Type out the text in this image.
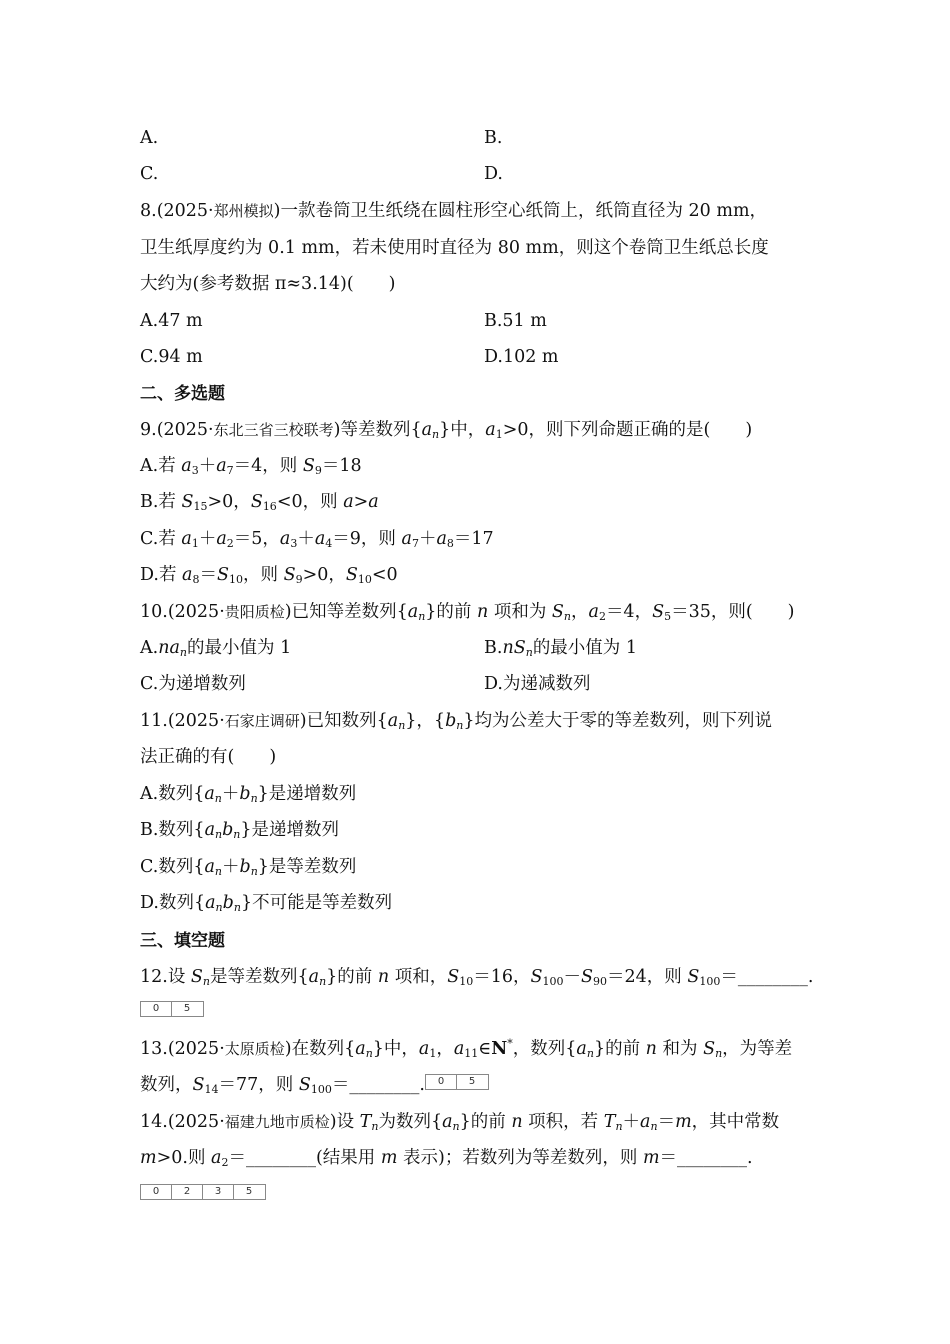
A.	B.
C.	D.
8.(2025·郑州模拟)一款卷筒卫生纸绕在圆柱形空心纸筒上，纸筒直径为 20 mm，
卫生纸厚度约为 0.1 mm，若未使用时直径为 80 mm，则这个卷筒卫生纸总长度
大约为(参考数据 π≈3.14)(　　)
A.47 m	B.51 m
C.94 m	D.102 m
二、多选题
9.(2025·东北三省三校联考)等差数列$\{a_n\}$中，$a_1>0$，则下列命题正确的是(　　)
A.若 $a_3+a_7=4$，则 $S_9=18$
B.若 $S_{15}>0$，$S_{16}<0$，则 a>a
C.若 $a_1+a_2=5$，$a_3+a_4=9$，则 $a_7+a_8=17$
D.若 $a_8=S_{10}$，则 $S_9>0$，$S_{10}<0$
10.(2025·贵阳质检)已知等差数列$\{a_n\}$的前 n 项和为 $S_n$，$a_2=4$，$S_5=35$，则(　　)
$A.na_n$的最小值为 1	$B.nS_n$的最小值为 1
C.为递增数列	D.为递减数列
11.(2025·石家庄调研)已知数列$\{a_n\}$，$\{b_n\}$均为公差大于零的等差数列，则下列说
法正确的有(　　)
A.数列$\{a_n+b_n\}$是递增数列
B.数列$\{a_nb_n\}$是递增数列
C.数列$\{a_n+b_n\}$是等差数列
D.数列$\{a_nb_n\}$不可能是等差数列
三、填空题
12.设 $S_n$是等差数列$\{a_n\}$的前 n 项和，$S_{10}=16$，$S_{100}-S_{90}=24$，则 $S_{100}=\_\_\_\_\_\_\_\_$.
0	5
13.(2025·太原质检)在数列$\{a_n\}$中，$a_1$，$a_{11}\in N^*$，数列$\{a_n\}$的前 n 和为 $S_n$，为等差
数列，$S_{14}=77$，则 $S_{100}=\_\_\_\_\_\_\_\_$.	0	5
14.(2025·福建九地市质检)设 $T_n$为数列$\{a_n\}$的前 n 项积，若 $T_n+a_n=m$，其中常数
m>0.则 $a_2=\_\_\_\_\_\_\_\_$(结果用 m 表示)；若数列为等差数列，则 m＝________.
0	2	3	5
